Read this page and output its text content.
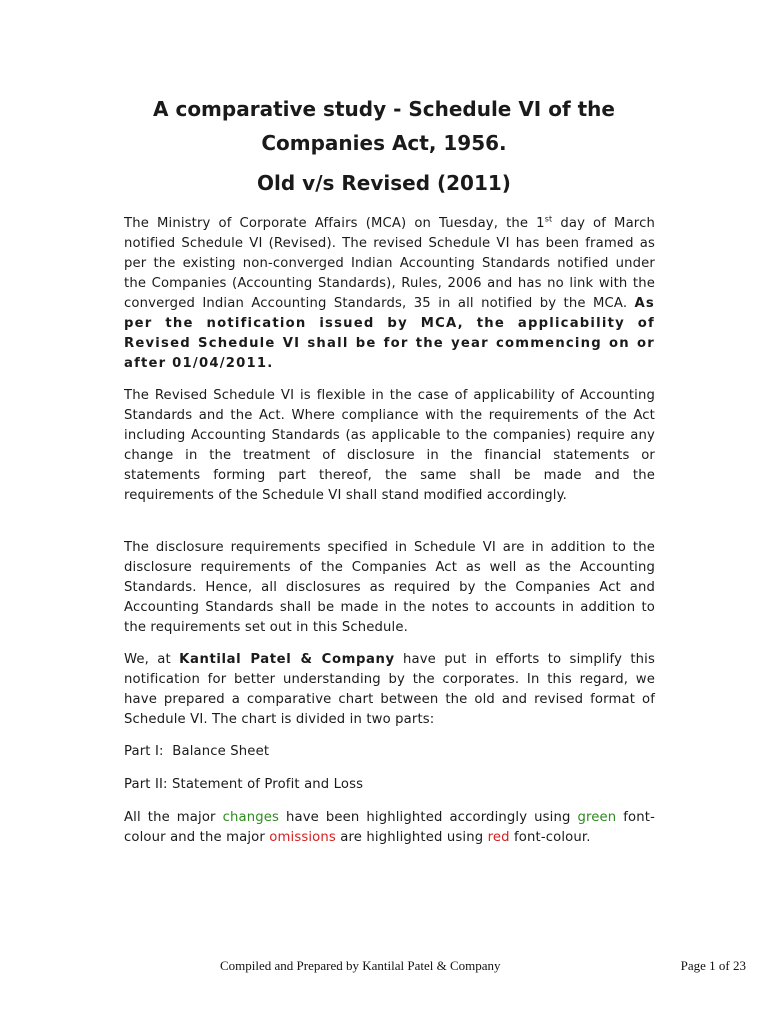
A comparative study - Schedule VI of the
Companies Act, 1956.
Old v/s Revised (2011)

The Ministry of Corporate Affairs (MCA) on Tuesday, the 1st day of March notified Schedule VI (Revised). The revised Schedule VI has been framed as per the existing non-converged Indian Accounting Standards notified under the Companies (Accounting Standards), Rules, 2006 and has no link with the converged Indian Accounting Standards, 35 in all notified by the MCA. As per the notification issued by MCA, the applicability of Revised Schedule VI shall be for the year commencing on or after 01/04/2011.

The Revised Schedule VI is flexible in the case of applicability of Accounting Standards and the Act. Where compliance with the requirements of the Act including Accounting Standards (as applicable to the companies) require any change in the treatment of disclosure in the financial statements or statements forming part thereof, the same shall be made and the requirements of the Schedule VI shall stand modified accordingly.

The disclosure requirements specified in Schedule VI are in addition to the disclosure requirements of the Companies Act as well as the Accounting Standards. Hence, all disclosures as required by the Companies Act and Accounting Standards shall be made in the notes to accounts in addition to the requirements set out in this Schedule.

We, at Kantilal Patel & Company have put in efforts to simplify this notification for better understanding by the corporates. In this regard, we have prepared a comparative chart between the old and revised format of Schedule VI. The chart is divided in two parts:

Part I:  Balance Sheet

Part II: Statement of Profit and Loss

All the major changes have been highlighted accordingly using green font-colour and the major omissions are highlighted using red font-colour.

Compiled and Prepared by Kantilal Patel & Company	Page 1 of 23
